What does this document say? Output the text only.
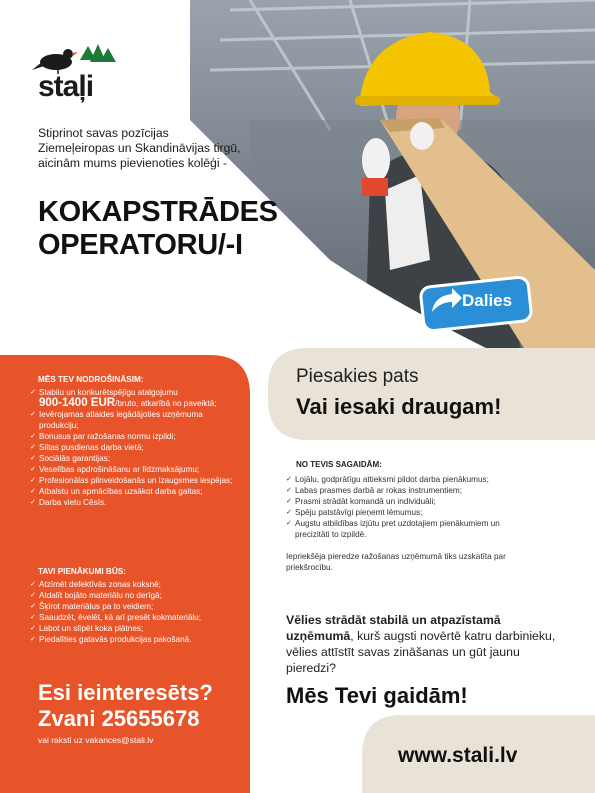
staļi
Stiprinot savas pozīcijas Ziemeļeiropas un Skandināvijas tirgū, aicinām mums pievienoties kolēģi -
KOKAPSTRĀDES
OPERATORU/-I
Dalies
MĒS TEV NODROŠINĀSIM:
✓ Stabilu un konkurētspējīgu atalgojumu
900-1400 EUR/bruto, atkarībā no paveiktā;
✓ Ievērojamas atlaides iegādājoties uzņēmuma produkciju;
✓ Bonusus par ražošanas normu izpildi;
✓ Siltas pusdienas darba vietā;
✓ Sociālās garantijas;
✓ Veselības apdrošināšanu ar līdzmaksājumu;
✓ Profesionālas pilnveidošanās un izaugsmes iespējas;
✓ Atbalstu un apmācības uzsākot darba gaitas;
✓ Darba vietu Cēsīs.
TAVI PIENĀKUMI BŪS:
✓ Atzīmēt defektīvās zonas koksnē;
✓ Atdalīt bojāto materiālu no derīgā;
✓ Šķirot materiālus pa to veidiem;
✓ Saaudzēt, ēvelēt, kā arī presēt kokmateriālu;
✓ Labot un slīpēt koka plātnes;
✓ Piedalīties gatavās produkcijas pakošanā.
Esi ieinteresēts?
Zvani 25655678
vai raksti uz vakances@stali.lv
Piesakies pats
Vai iesaki draugam!
NO TEVIS SAGAIDĀM:
✓ Lojālu, godprātīgu attieksmi pildot darba pienākumus;
✓ Labas prasmes darbā ar rokas instrumentiem;
✓ Prasmi strādāt komandā un individuāli;
✓ Spēju patstāvīgi pieņemt lēmumus;
✓ Augstu atbildības izjūtu pret uzdotajiem pienākumiem un precizitāti to izpildē.
Iepriekšēja pieredze ražošanas uzņēmumā tiks uzskatīta par priekšrocību.
Vēlies strādāt stabilā un atpazīstamā uzņēmumā, kurš augsti novērtē katru darbinieku, vēlies attīstīt savas zināšanas un gūt jaunu pieredzi?
Mēs Tevi gaidām!
www.stali.lv
